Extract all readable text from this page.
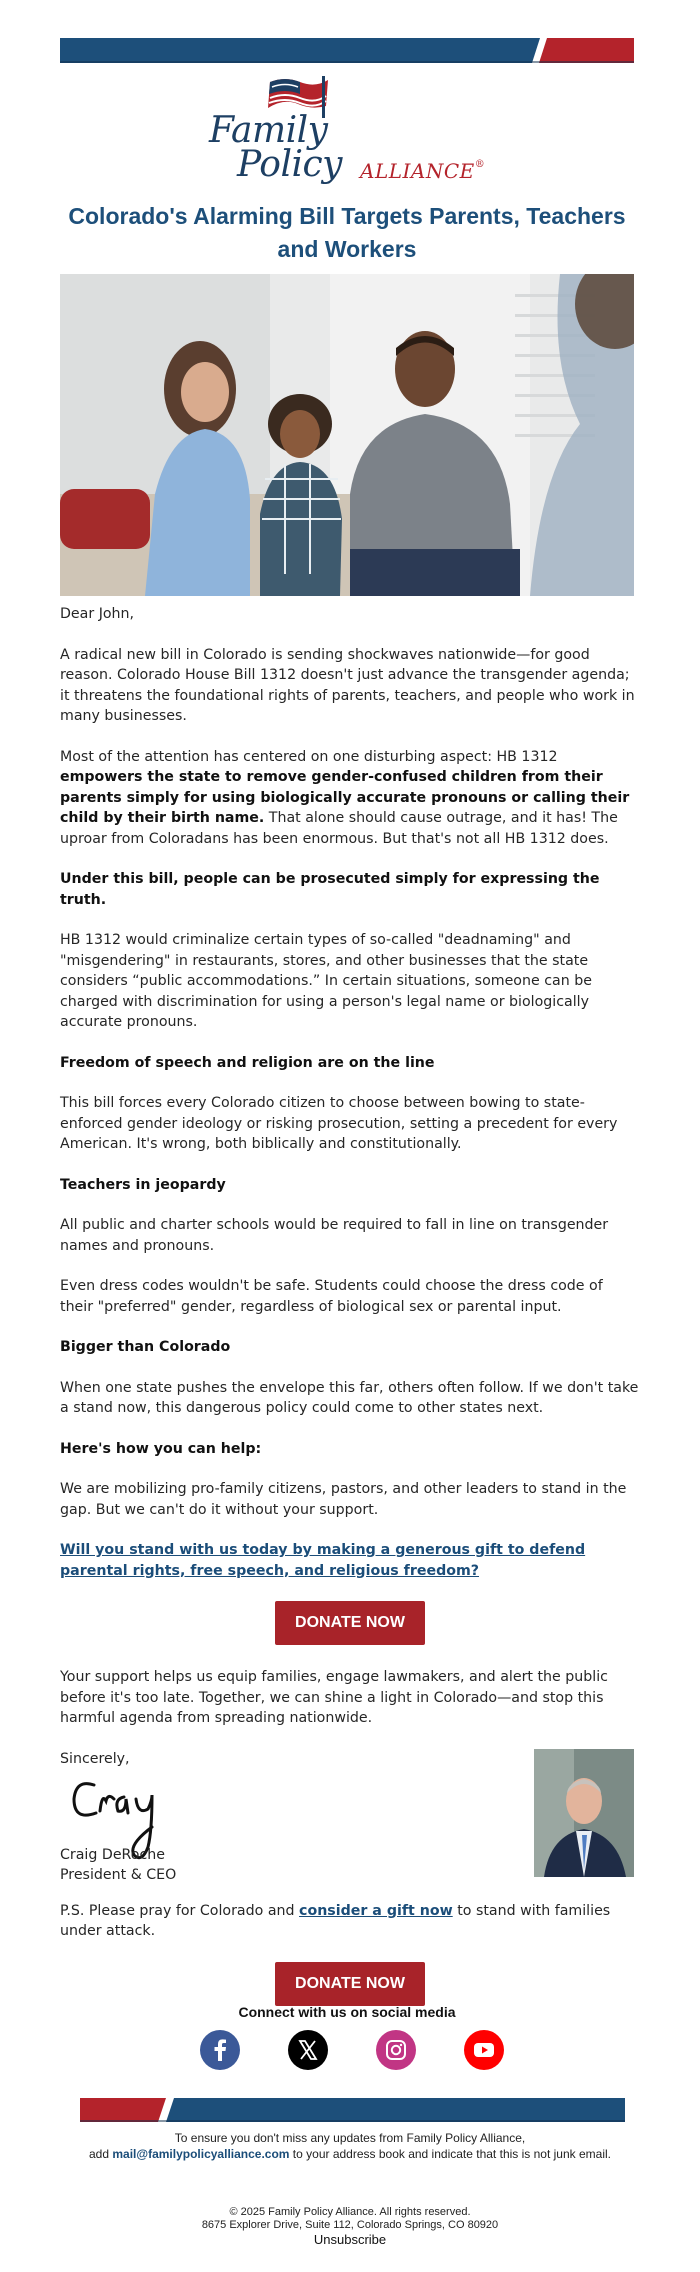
Family
Policy ALLIANCE®
Colorado's Alarming Bill Targets Parents, Teachers and Workers

Dear John,

A radical new bill in Colorado is sending shockwaves nationwide—for good reason. Colorado House Bill 1312 doesn't just advance the transgender agenda; it threatens the foundational rights of parents, teachers, and people who work in many businesses.

Most of the attention has centered on one disturbing aspect: HB 1312 empowers the state to remove gender-confused children from their parents simply for using biologically accurate pronouns or calling their child by their birth name. That alone should cause outrage, and it has! The uproar from Coloradans has been enormous. But that's not all HB 1312 does.

Under this bill, people can be prosecuted simply for expressing the truth.

HB 1312 would criminalize certain types of so-called "deadnaming" and "misgendering" in restaurants, stores, and other businesses that the state considers “public accommodations.” In certain situations, someone can be charged with discrimination for using a person's legal name or biologically accurate pronouns.

Freedom of speech and religion are on the line

This bill forces every Colorado citizen to choose between bowing to state-enforced gender ideology or risking prosecution, setting a precedent for every American. It's wrong, both biblically and constitutionally.

Teachers in jeopardy

All public and charter schools would be required to fall in line on transgender names and pronouns.

Even dress codes wouldn't be safe. Students could choose the dress code of their "preferred" gender, regardless of biological sex or parental input.

Bigger than Colorado

When one state pushes the envelope this far, others often follow. If we don't take a stand now, this dangerous policy could come to other states next.

Here's how you can help:

We are mobilizing pro-family citizens, pastors, and other leaders to stand in the gap. But we can't do it without your support.

Will you stand with us today by making a generous gift to defend parental rights, free speech, and religious freedom?

DONATE NOW

Your support helps us equip families, engage lawmakers, and alert the public before it's too late. Together, we can shine a light in Colorado—and stop this harmful agenda from spreading nationwide.

Sincerely,
Craig DeRoche
President & CEO

P.S. Please pray for Colorado and consider a gift now to stand with families under attack.

DONATE NOW

Connect with us on social media
To ensure you don't miss any updates from Family Policy Alliance,
add mail@familypolicyalliance.com to your address book and indicate that this is not junk email.
© 2025 Family Policy Alliance. All rights reserved.
8675 Explorer Drive, Suite 112, Colorado Springs, CO 80920
Unsubscribe
